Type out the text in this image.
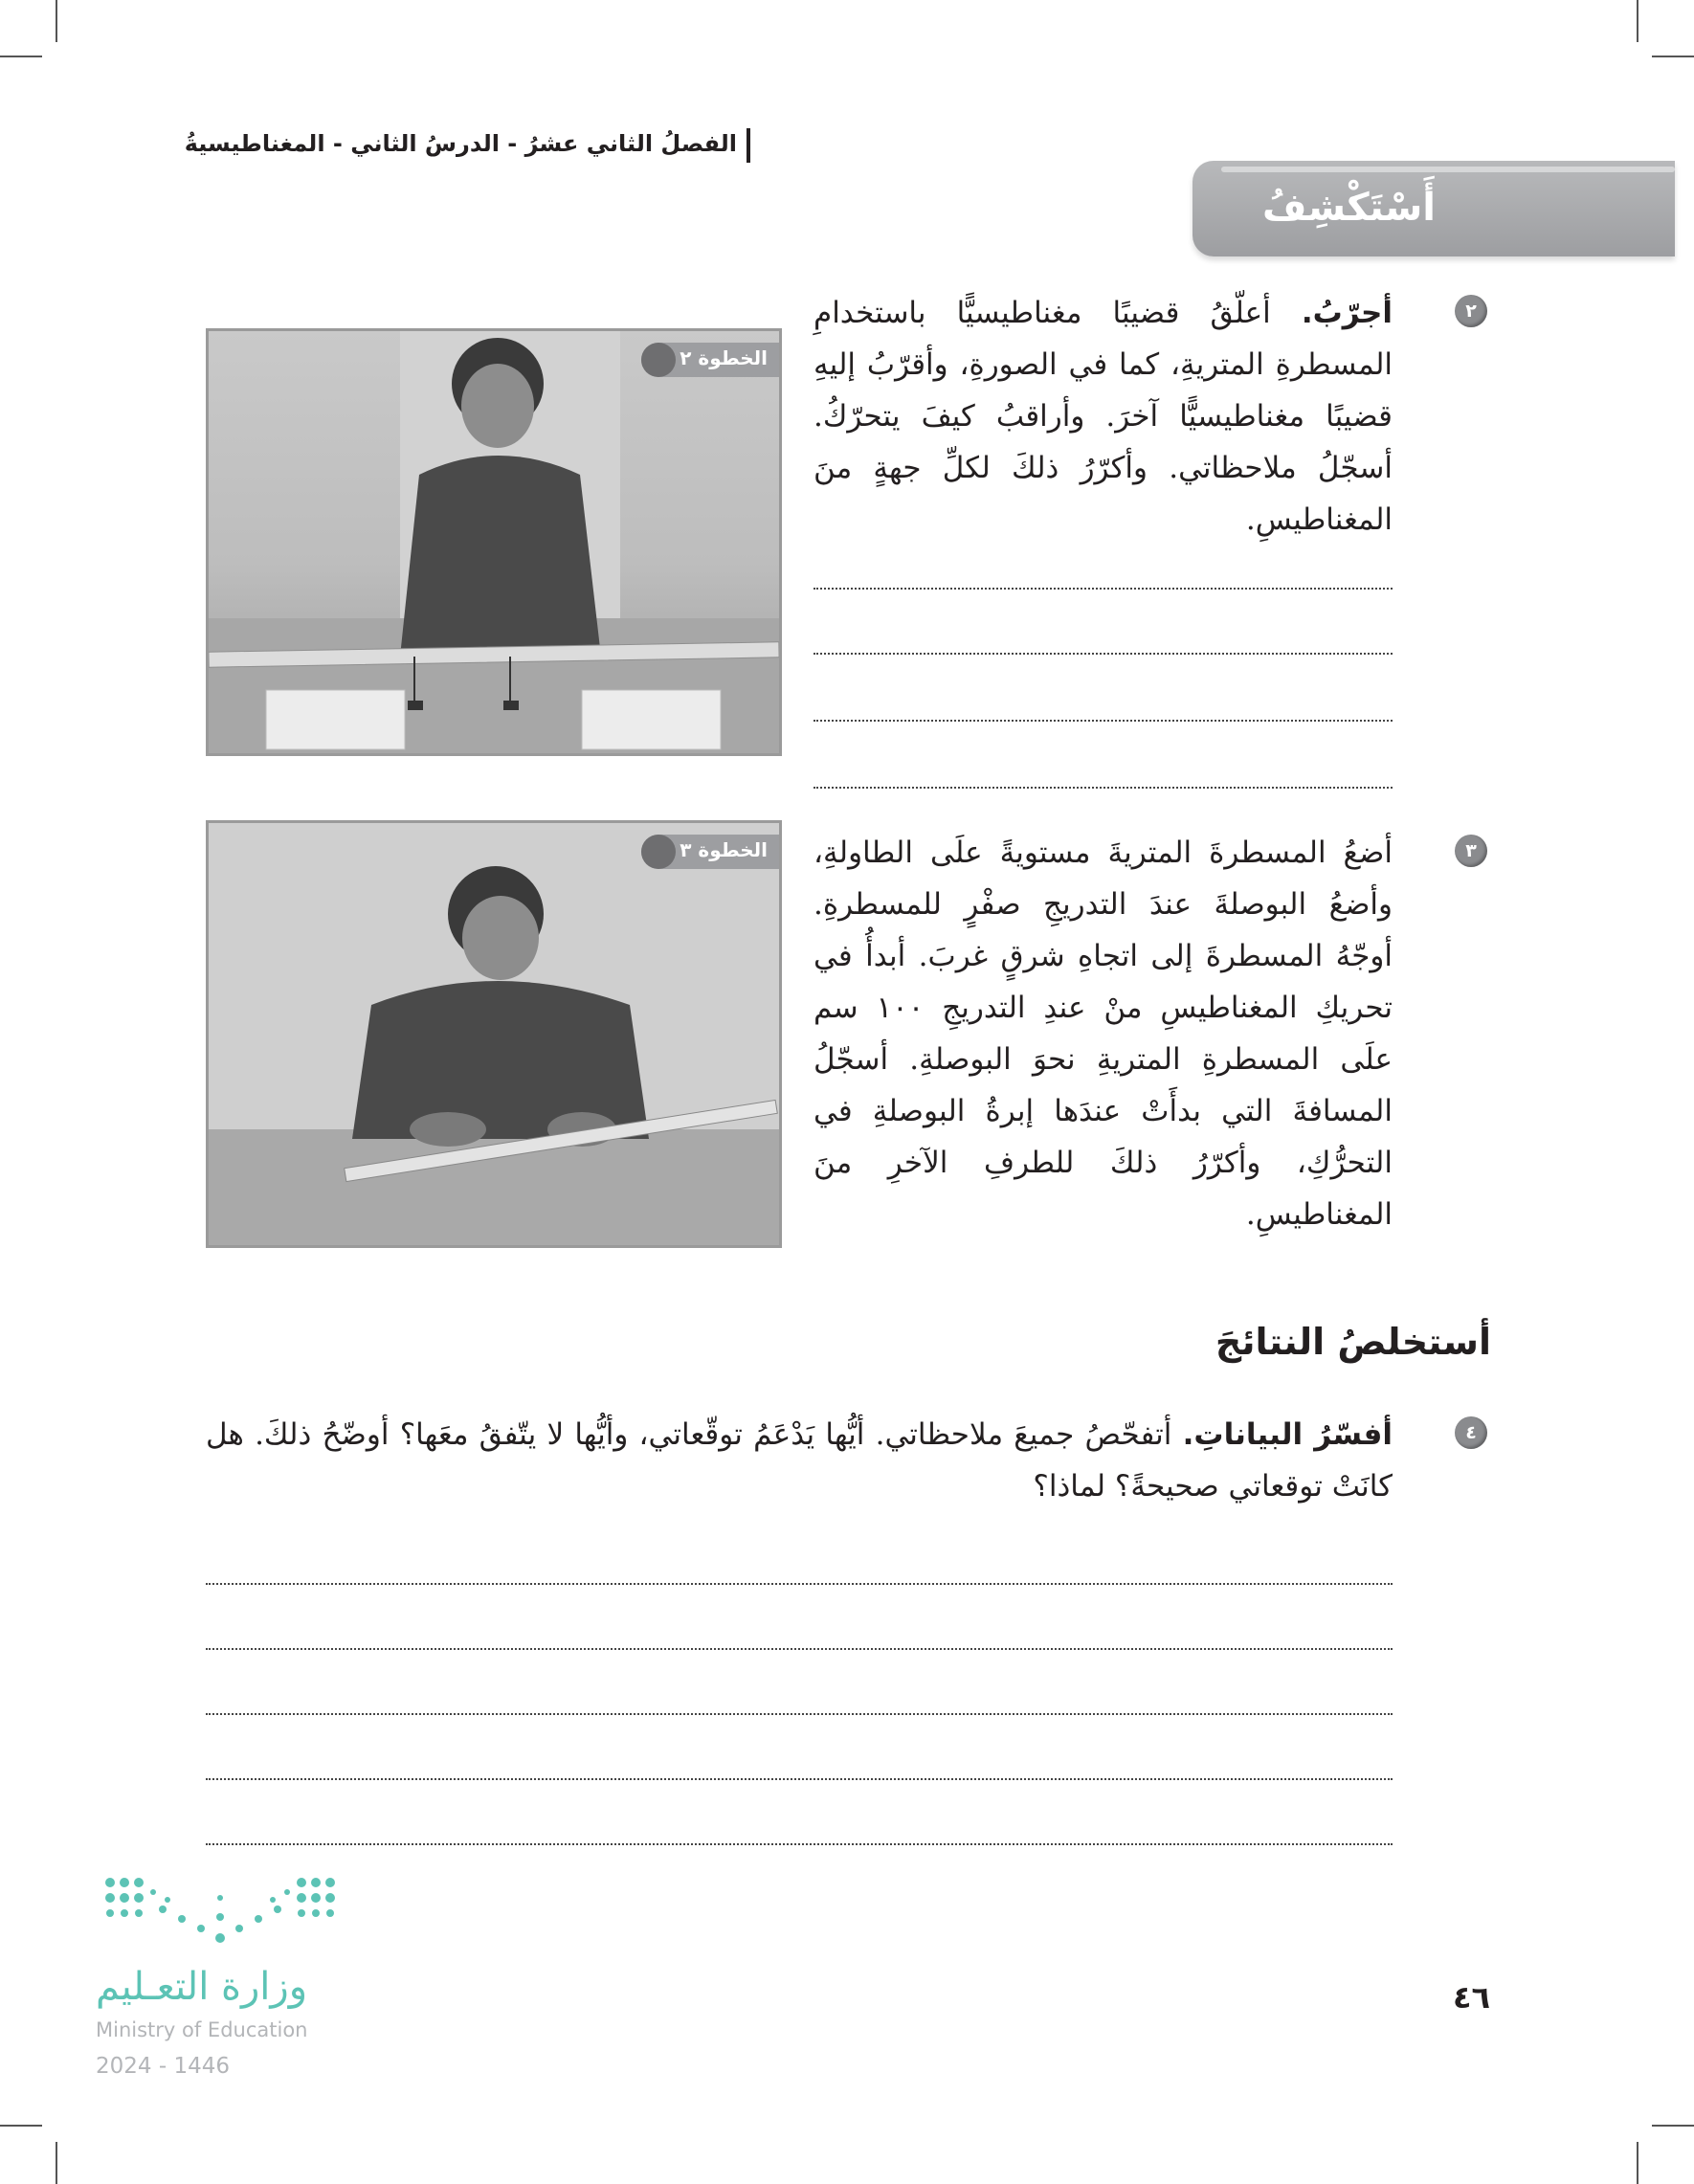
الفصلُ الثاني عشرُ - الدرسُ الثاني - المغناطيسيةُ
أَسْتَكْشِفُ
٢
أجرّبُ. أعلّقُ قضيبًا مغناطيسيًّا باستخدامِ المسطرةِ المتريةِ، كما في الصورةِ، وأقرّبُ إليهِ قضيبًا مغناطيسيًّا آخرَ. وأراقبُ كيفَ يتحرّكُ. أسجّلُ ملاحظاتي. وأكرّرُ ذلكَ لكلِّ جهةٍ منَ المغناطيسِ.
الخطوة ٢
٣
أضعُ المسطرةَ المتريةَ مستويةً علَى الطاولةِ، وأضعُ البوصلةَ عندَ التدريجِ صفْرٍ للمسطرةِ. أوجّهُ المسطرةَ إلى اتجاهِ شرقٍ غربَ. أبدأُ في تحريكِ المغناطيسِ منْ عندِ التدريجِ ١٠٠ سم علَى المسطرةِ المتريةِ نحوَ البوصلةِ. أسجّلُ المسافةَ التي بدأَتْ عندَها إبرةُ البوصلةِ في التحرُّكِ، وأكرّرُ ذلكَ للطرفِ الآخرِ منَ المغناطيسِ.
الخطوة ٣
أستخلصُ النتائجَ
٤
أفسّرُ البياناتِ. أتفحّصُ جميعَ ملاحظاتي. أيُّها يَدْعَمُ توقّعاتي، وأيُّها لا يتّفقُ معَها؟ أوضّحُ ذلكَ. هل كانَتْ توقعاتي صحيحةً؟ لماذا؟
٤٦
وزارة التعـليم
Ministry of Education
2024 - 1446
